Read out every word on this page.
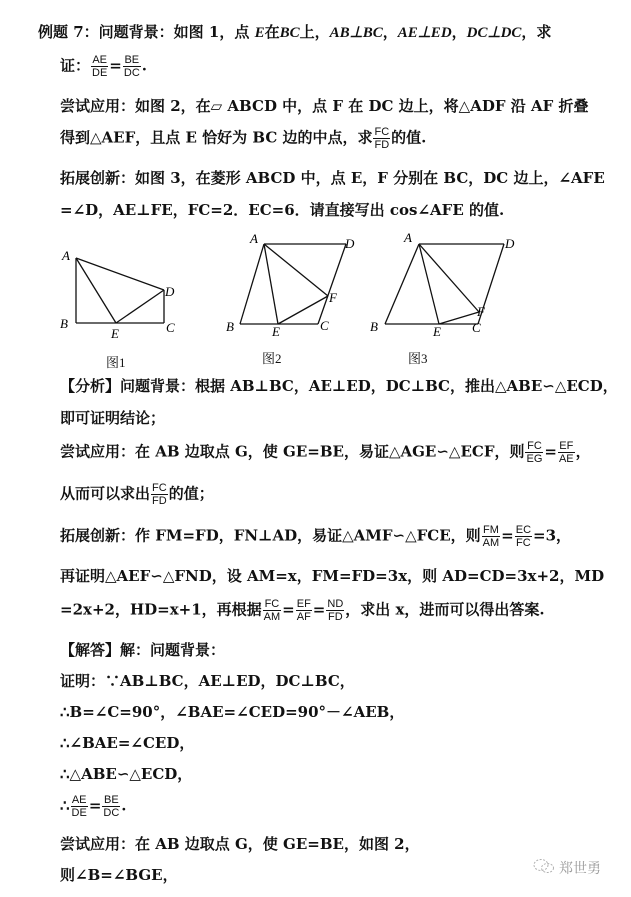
例题 7：问题背景：如图 1，点 E在BC上，AB⊥BC，AE⊥ED，DC⊥DC，求
证： $\frac{AE}{DE} = \frac{BE}{DC}$ .
尝试应用：如图 2，在▱ ABCD 中，点 F 在 DC 边上，将△ADF 沿 AF 折叠
得到△AEF，且点 E 恰好为 BC 边的中点，求 $\frac{FC}{FD}$ 的值.
拓展创新：如图 3，在菱形 ABCD 中，点 E，F 分别在 BC，DC 边上，∠AFE
=∠D，AE⊥FE，FC=2．EC=6．请直接写出 cos∠AFE 的值.
A
B	C
D
E
图1
A
B	C
D
E
F
图2
A
B	C
D
E
F
图3
【分析】问题背景：根据 AB⊥BC，AE⊥ED，DC⊥BC，推出△ABE∽△ECD，
即可证明结论；
尝试应用：在 AB 边取点 G，使 GE=BE，易证△AGE∽△ECF，则 $\frac{FC}{EG} = \frac{EF}{AE}$ ，
从而可以求出 $\frac{FC}{FD}$ 的值；
拓展创新：作 FM=FD，FN⊥AD，易证△AMF∽△FCE，则 $\frac{FM}{AM} = \frac{EC}{FC} =3$，
再证明△AEF∽△FND，设 AM=x，FM=FD=3x，则 AD=CD=3x+2，MD
=2x+2，HD=x+1，再根据 $\frac{FC}{AM} = \frac{EF}{AF} = \frac{ND}{FD}$ ，求出 x，进而可以得出答案.
【解答】解：问题背景：
证明：∵AB⊥BC，AE⊥ED，DC⊥BC，
∴B=∠C=90°，∠BAE=∠CED=90°－∠AEB，
∴∠BAE=∠CED，
∴△ABE∽△ECD，
∴ $\frac{AE}{DE} = \frac{BE}{DC}$ .
尝试应用：在 AB 边取点 G，使 GE=BE，如图 2，
则∠B=∠BGE，	郑世勇
